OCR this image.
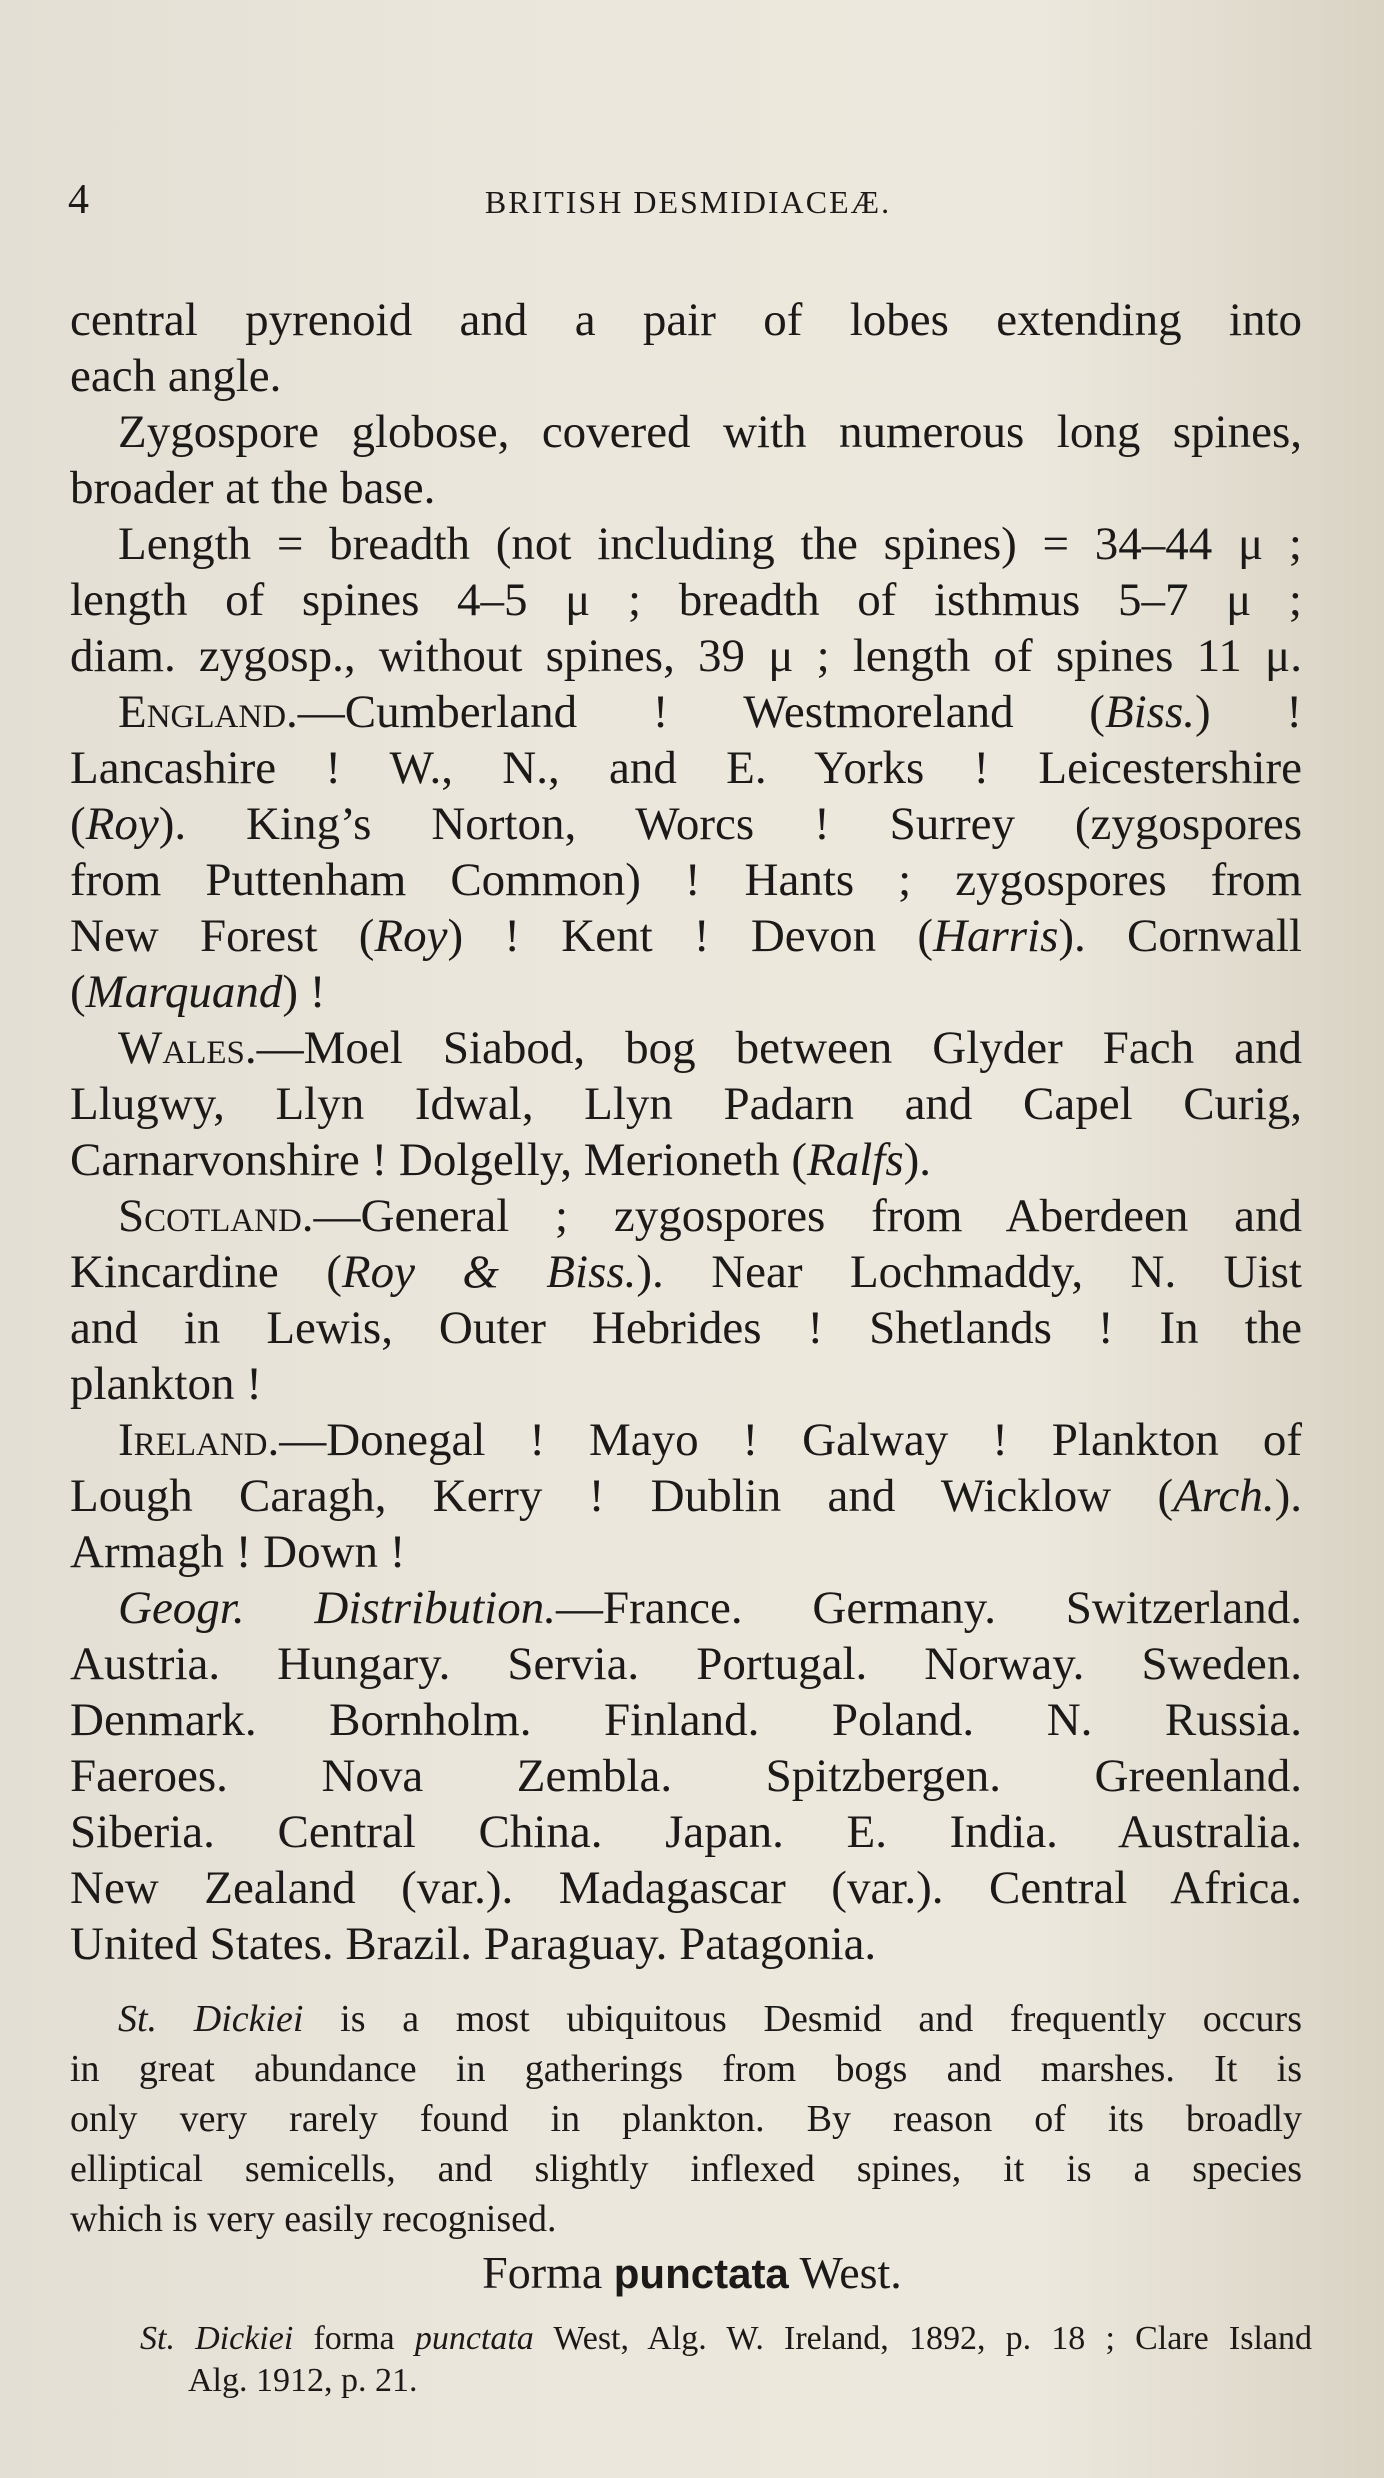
4	BRITISH DESMIDIACEÆ.
central pyrenoid and a pair of lobes extending into
each angle.
Zygospore globose, covered with numerous long spines,
broader at the base.
Length = breadth (not including the spines) = 34–44 μ ;
length of spines 4–5 μ ; breadth of isthmus 5–7 μ ;
diam. zygosp., without spines, 39 μ ; length of spines 11 μ.
England.—Cumberland ! Westmoreland (Biss.) !
Lancashire ! W., N., and E. Yorks ! Leicestershire
(Roy). King’s Norton, Worcs ! Surrey (zygospores
from Puttenham Common) ! Hants ; zygospores from
New Forest (Roy) ! Kent ! Devon (Harris). Cornwall
(Marquand) !
Wales.—Moel Siabod, bog between Glyder Fach and
Llugwy, Llyn Idwal, Llyn Padarn and Capel Curig,
Carnarvonshire ! Dolgelly, Merioneth (Ralfs).
Scotland.—General ; zygospores from Aberdeen and
Kincardine (Roy & Biss.). Near Lochmaddy, N. Uist
and in Lewis, Outer Hebrides ! Shetlands ! In the
plankton !
Ireland.—Donegal ! Mayo ! Galway ! Plankton of
Lough Caragh, Kerry ! Dublin and Wicklow (Arch.).
Armagh ! Down !
Geogr. Distribution.—France. Germany. Switzerland.
Austria. Hungary. Servia. Portugal. Norway. Sweden.
Denmark. Bornholm. Finland. Poland. N. Russia.
Faeroes. Nova Zembla. Spitzbergen. Greenland.
Siberia. Central China. Japan. E. India. Australia.
New Zealand (var.). Madagascar (var.). Central Africa.
United States. Brazil. Paraguay. Patagonia.
St. Dickiei is a most ubiquitous Desmid and frequently occurs
in great abundance in gatherings from bogs and marshes. It is
only very rarely found in plankton. By reason of its broadly
elliptical semicells, and slightly inflexed spines, it is a species
which is very easily recognised.
Forma punctata West.
St. Dickiei forma punctata West, Alg. W. Ireland, 1892, p. 18 ; Clare Island
Alg. 1912, p. 21.
